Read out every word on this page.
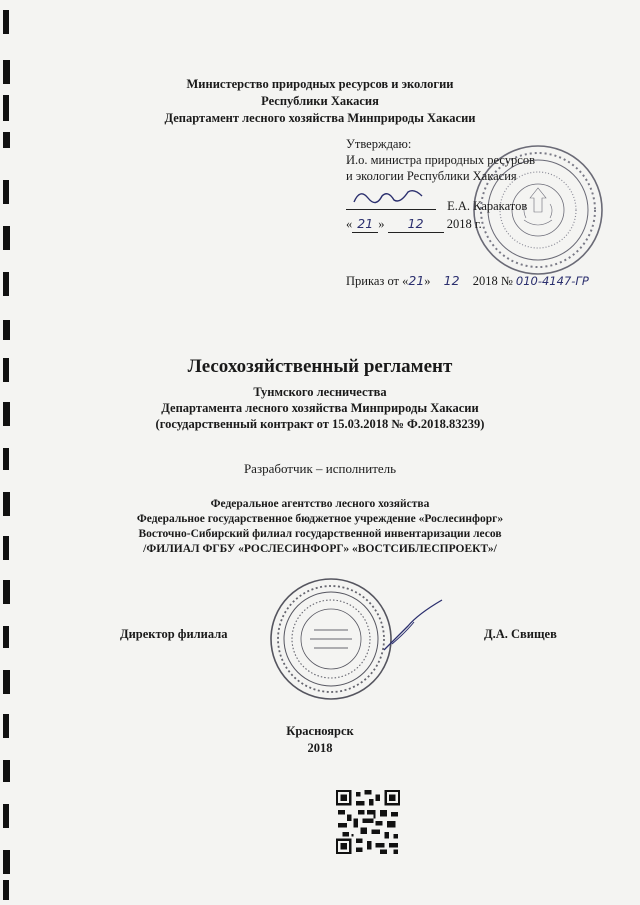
Министерство природных ресурсов и экологии
Республики Хакасия
Департамент лесного хозяйства Минприроды Хакасии
Утверждаю:
И.о. министра природных ресурсов
и экологии Республики Хакасия

Е.А. Каракатов
« 21 » 12 2018 г.
Приказ от «21» 12 2018 № 010-4147-ГР
Лесохозяйственный регламент
Тунмского лесничества
Департамента лесного хозяйства Минприроды Хакасии
(государственный контракт от 15.03.2018 № Ф.2018.83239)
Разработчик – исполнитель
Федеральное агентство лесного хозяйства
Федеральное государственное бюджетное учреждение «Рослесинфорг»
Восточно-Сибирский филиал государственной инвентаризации лесов
/ФИЛИАЛ ФГБУ «РОСЛЕСИНФОРГ» «ВОСТСИБЛЕСПРОЕКТ»/
Директор филиала	Д.А. Свищев
Красноярск
2018
